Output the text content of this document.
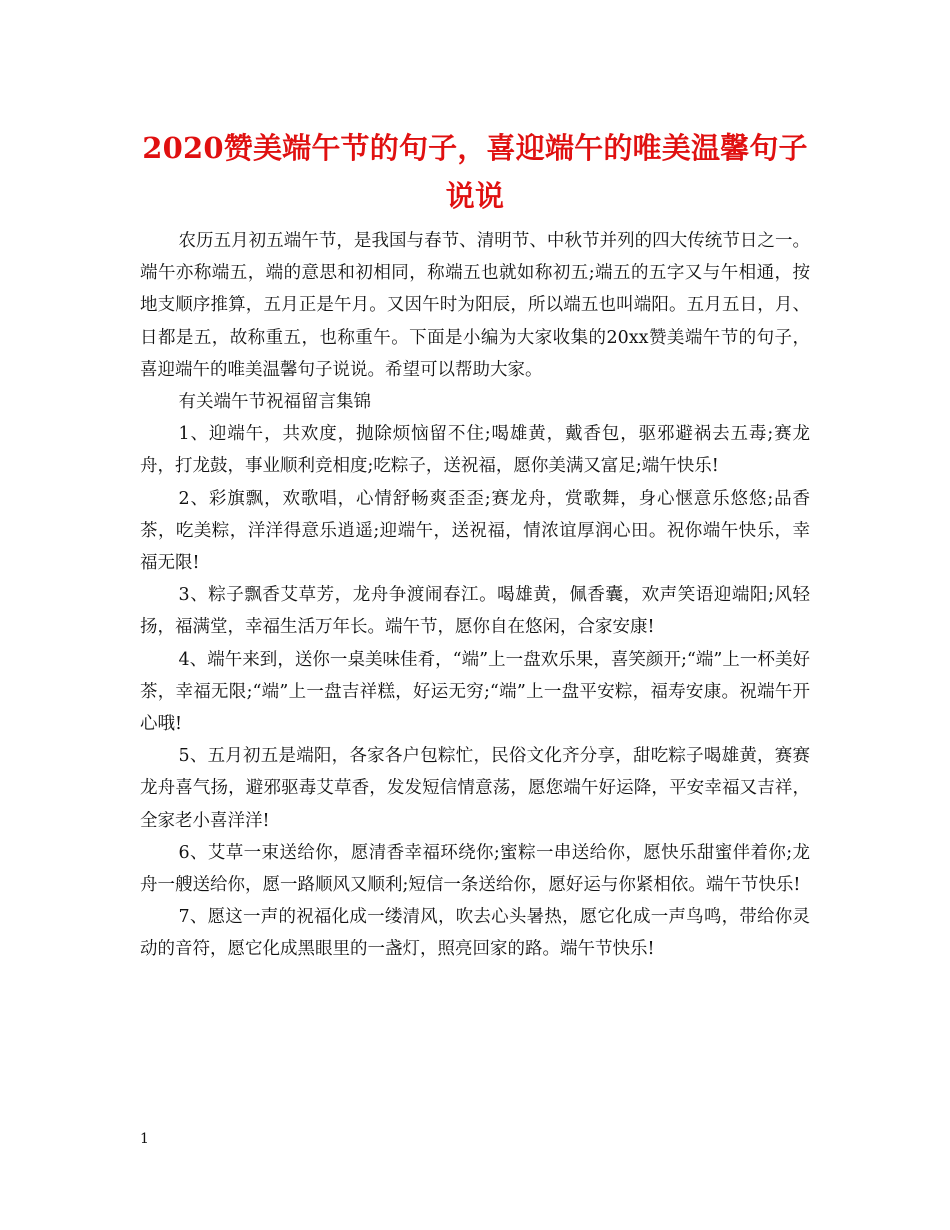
2020赞美端午节的句子，喜迎端午的唯美温馨句子说说

农历五月初五端午节，是我国与春节、清明节、中秋节并列的四大传统节日之一。端午亦称端五，端的意思和初相同，称端五也就如称初五;端五的五字又与午相通，按地支顺序推算，五月正是午月。又因午时为阳辰，所以端五也叫端阳。五月五日，月、日都是五，故称重五，也称重午。下面是小编为大家收集的20xx赞美端午节的句子，喜迎端午的唯美温馨句子说说。希望可以帮助大家。

有关端午节祝福留言集锦

1、迎端午，共欢度，抛除烦恼留不住;喝雄黄，戴香包，驱邪避祸去五毒;赛龙舟，打龙鼓，事业顺利竞相度;吃粽子，送祝福，愿你美满又富足;端午快乐!

2、彩旗飘，欢歌唱，心情舒畅爽歪歪;赛龙舟，赏歌舞，身心惬意乐悠悠;品香茶，吃美粽，洋洋得意乐逍遥;迎端午，送祝福，情浓谊厚润心田。祝你端午快乐，幸福无限!

3、粽子飘香艾草芳，龙舟争渡闹春江。喝雄黄，佩香囊，欢声笑语迎端阳;风轻扬，福满堂，幸福生活万年长。端午节，愿你自在悠闲，合家安康!

4、端午来到，送你一桌美味佳肴，“端”上一盘欢乐果，喜笑颜开;“端”上一杯美好茶，幸福无限;“端”上一盘吉祥糕，好运无穷;“端”上一盘平安粽，福寿安康。祝端午开心哦!

5、五月初五是端阳，各家各户包粽忙，民俗文化齐分享，甜吃粽子喝雄黄，赛赛龙舟喜气扬，避邪驱毒艾草香，发发短信情意荡，愿您端午好运降，平安幸福又吉祥，全家老小喜洋洋!

6、艾草一束送给你，愿清香幸福环绕你;蜜粽一串送给你，愿快乐甜蜜伴着你;龙舟一艘送给你，愿一路顺风又顺利;短信一条送给你，愿好运与你紧相依。端午节快乐!

7、愿这一声的祝福化成一缕清风，吹去心头暑热，愿它化成一声鸟鸣，带给你灵动的音符，愿它化成黑眼里的一盏灯，照亮回家的路。端午节快乐!

1
